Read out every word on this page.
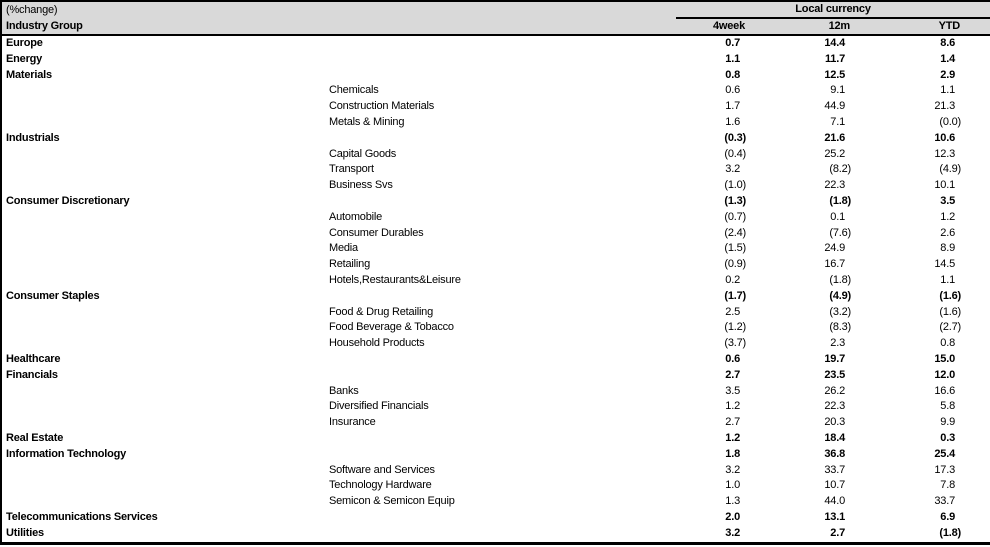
(%change)		Local currency			
Industry Group		4week	12m	YTD	
Europe		0.7	14.4	8.6	
Energy		1.1	11.7	1.4	
Materials		0.8	12.5	2.9	
	Chemicals	0.6	9.1	1.1	
	Construction Materials	1.7	44.9	21.3	
	Metals & Mining	1.6	7.1	(0.0)	
Industrials		(0.3)	21.6	10.6	
	Capital Goods	(0.4)	25.2	12.3	
	Transport	3.2	(8.2)	(4.9)	
	Business Svs	(1.0)	22.3	10.1	
Consumer Discretionary		(1.3)	(1.8)	3.5	
	Automobile	(0.7)	0.1	1.2	
	Consumer Durables	(2.4)	(7.6)	2.6	
	Media	(1.5)	24.9	8.9	
	Retailing	(0.9)	16.7	14.5	
	Hotels,Restaurants&Leisure	0.2	(1.8)	1.1	
Consumer Staples		(1.7)	(4.9)	(1.6)	
	Food & Drug Retailing	2.5	(3.2)	(1.6)	
	Food Beverage & Tobacco	(1.2)	(8.3)	(2.7)	
	Household Products	(3.7)	2.3	0.8	
Healthcare		0.6	19.7	15.0	
Financials		2.7	23.5	12.0	
	Banks	3.5	26.2	16.6	
	Diversified Financials	1.2	22.3	5.8	
	Insurance	2.7	20.3	9.9	
Real Estate		1.2	18.4	0.3	
Information Technology		1.8	36.8	25.4	
	Software and Services	3.2	33.7	17.3	
	Technology Hardware	1.0	10.7	7.8	
	Semicon & Semicon Equip	1.3	44.0	33.7	
Telecommunications Services		2.0	13.1	6.9	
Utilities		3.2	2.7	(1.8)	
